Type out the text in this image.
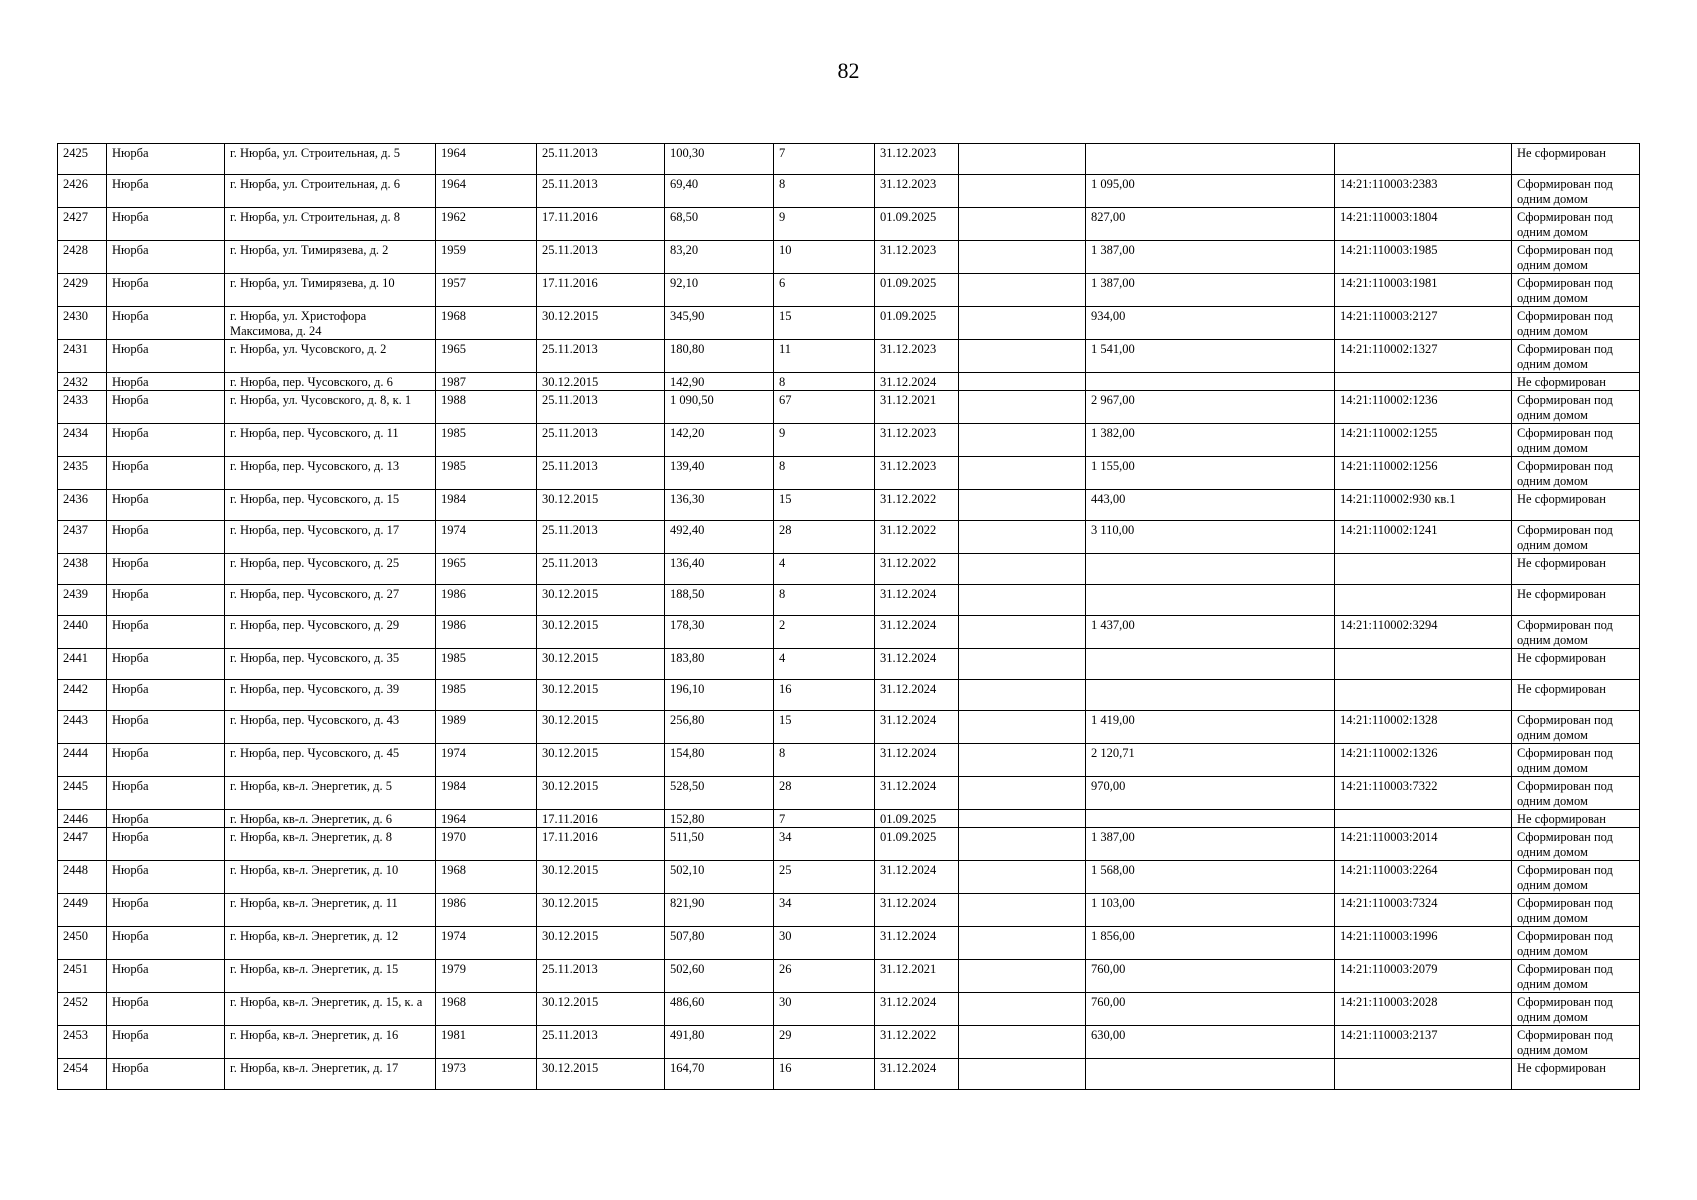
82
2425	Нюрба	г. Нюрба, ул. Строительная, д. 5	1964	25.11.2013	100,30	7	31.12.2023				Не сформирован
2426	Нюрба	г. Нюрба, ул. Строительная, д. 6	1964	25.11.2013	69,40	8	31.12.2023		1 095,00	14:21:110003:2383	Сформирован под одним домом
2427	Нюрба	г. Нюрба, ул. Строительная, д. 8	1962	17.11.2016	68,50	9	01.09.2025		827,00	14:21:110003:1804	Сформирован под одним домом
2428	Нюрба	г. Нюрба, ул. Тимирязева, д. 2	1959	25.11.2013	83,20	10	31.12.2023		1 387,00	14:21:110003:1985	Сформирован под одним домом
2429	Нюрба	г. Нюрба, ул. Тимирязева, д. 10	1957	17.11.2016	92,10	6	01.09.2025		1 387,00	14:21:110003:1981	Сформирован под одним домом
2430	Нюрба	г. Нюрба, ул. Христофора Максимова, д. 24	1968	30.12.2015	345,90	15	01.09.2025		934,00	14:21:110003:2127	Сформирован под одним домом
2431	Нюрба	г. Нюрба, ул. Чусовского, д. 2	1965	25.11.2013	180,80	11	31.12.2023		1 541,00	14:21:110002:1327	Сформирован под одним домом
2432	Нюрба	г. Нюрба, пер. Чусовского, д. 6	1987	30.12.2015	142,90	8	31.12.2024				Не сформирован
2433	Нюрба	г. Нюрба, ул. Чусовского, д. 8, к. 1	1988	25.11.2013	1 090,50	67	31.12.2021		2 967,00	14:21:110002:1236	Сформирован под одним домом
2434	Нюрба	г. Нюрба, пер. Чусовского, д. 11	1985	25.11.2013	142,20	9	31.12.2023		1 382,00	14:21:110002:1255	Сформирован под одним домом
2435	Нюрба	г. Нюрба, пер. Чусовского, д. 13	1985	25.11.2013	139,40	8	31.12.2023		1 155,00	14:21:110002:1256	Сформирован под одним домом
2436	Нюрба	г. Нюрба, пер. Чусовского, д. 15	1984	30.12.2015	136,30	15	31.12.2022		443,00	14:21:110002:930 кв.1	Не сформирован
2437	Нюрба	г. Нюрба, пер. Чусовского, д. 17	1974	25.11.2013	492,40	28	31.12.2022		3 110,00	14:21:110002:1241	Сформирован под одним домом
2438	Нюрба	г. Нюрба, пер. Чусовского, д. 25	1965	25.11.2013	136,40	4	31.12.2022				Не сформирован
2439	Нюрба	г. Нюрба, пер. Чусовского, д. 27	1986	30.12.2015	188,50	8	31.12.2024				Не сформирован
2440	Нюрба	г. Нюрба, пер. Чусовского, д. 29	1986	30.12.2015	178,30	2	31.12.2024		1 437,00	14:21:110002:3294	Сформирован под одним домом
2441	Нюрба	г. Нюрба, пер. Чусовского, д. 35	1985	30.12.2015	183,80	4	31.12.2024				Не сформирован
2442	Нюрба	г. Нюрба, пер. Чусовского, д. 39	1985	30.12.2015	196,10	16	31.12.2024				Не сформирован
2443	Нюрба	г. Нюрба, пер. Чусовского, д. 43	1989	30.12.2015	256,80	15	31.12.2024		1 419,00	14:21:110002:1328	Сформирован под одним домом
2444	Нюрба	г. Нюрба, пер. Чусовского, д. 45	1974	30.12.2015	154,80	8	31.12.2024		2 120,71	14:21:110002:1326	Сформирован под одним домом
2445	Нюрба	г. Нюрба, кв-л. Энергетик, д. 5	1984	30.12.2015	528,50	28	31.12.2024		970,00	14:21:110003:7322	Сформирован под одним домом
2446	Нюрба	г. Нюрба, кв-л. Энергетик, д. 6	1964	17.11.2016	152,80	7	01.09.2025				Не сформирован
2447	Нюрба	г. Нюрба, кв-л. Энергетик, д. 8	1970	17.11.2016	511,50	34	01.09.2025		1 387,00	14:21:110003:2014	Сформирован под одним домом
2448	Нюрба	г. Нюрба, кв-л. Энергетик, д. 10	1968	30.12.2015	502,10	25	31.12.2024		1 568,00	14:21:110003:2264	Сформирован под одним домом
2449	Нюрба	г. Нюрба, кв-л. Энергетик, д. 11	1986	30.12.2015	821,90	34	31.12.2024		1 103,00	14:21:110003:7324	Сформирован под одним домом
2450	Нюрба	г. Нюрба, кв-л. Энергетик, д. 12	1974	30.12.2015	507,80	30	31.12.2024		1 856,00	14:21:110003:1996	Сформирован под одним домом
2451	Нюрба	г. Нюрба, кв-л. Энергетик, д. 15	1979	25.11.2013	502,60	26	31.12.2021		760,00	14:21:110003:2079	Сформирован под одним домом
2452	Нюрба	г. Нюрба, кв-л. Энергетик, д. 15, к. а	1968	30.12.2015	486,60	30	31.12.2024		760,00	14:21:110003:2028	Сформирован под одним домом
2453	Нюрба	г. Нюрба, кв-л. Энергетик, д. 16	1981	25.11.2013	491,80	29	31.12.2022		630,00	14:21:110003:2137	Сформирован под одним домом
2454	Нюрба	г. Нюрба, кв-л. Энергетик, д. 17	1973	30.12.2015	164,70	16	31.12.2024				Не сформирован
